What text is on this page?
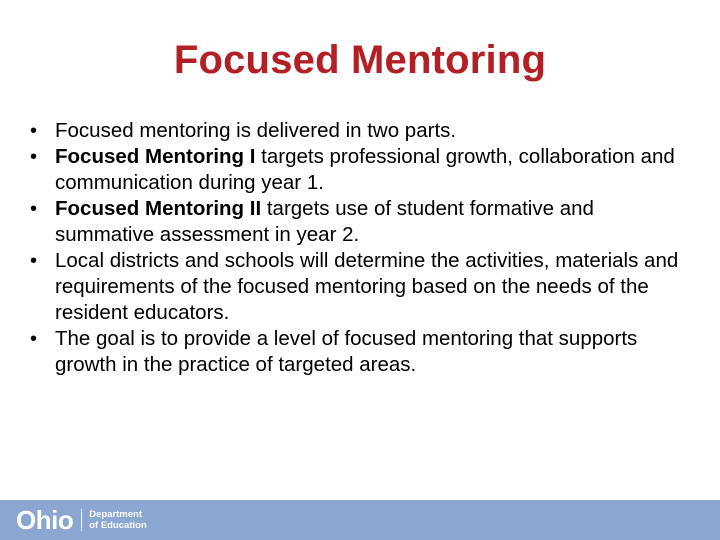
Focused Mentoring
• Focused mentoring is delivered in two parts.
• Focused Mentoring I targets professional growth, collaboration and communication during year 1.
• Focused Mentoring II targets use of student formative and summative assessment in year 2.
• Local districts and schools will determine the activities, materials and requirements of the focused mentoring based on the needs of the resident educators.
• The goal is to provide a level of focused mentoring that supports growth in the practice of targeted areas.
Ohio Department
of Education
